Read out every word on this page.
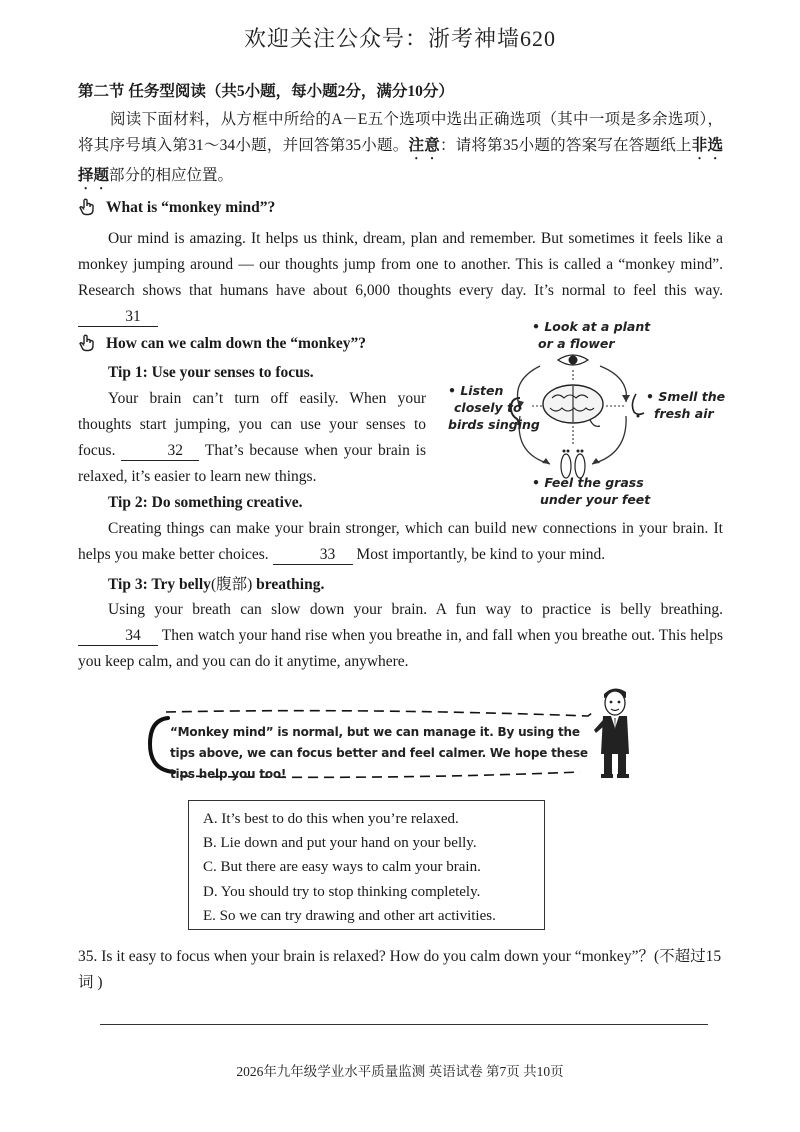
欢迎关注公众号：浙考神墙620
第二节 任务型阅读（共5小题，每小题2分，满分10分）
阅读下面材料，从方框中所给的A－E五个选项中选出正确选项（其中一项是多余选项），将其序号填入第31～34小题，并回答第35小题。注意：请将第35小题的答案写在答题纸上非选择题部分的相应位置。
What is “monkey mind”?
Our mind is amazing. It helps us think, dream, plan and remember. But sometimes it feels like a monkey jumping around — our thoughts jump from one to another. This is called a “monkey mind”. Research shows that humans have about 6,000 thoughts every day. It’s normal to feel this way. 31
How can we calm down the “monkey”?
Tip 1: Use your senses to focus.
Your brain can’t turn off easily. When your thoughts start jumping, you can use your senses to focus.	32 That’s because when your brain is relaxed, it’s easier to learn new things.
• Look at a plant
or a flower
• Listen
closely to
birds singing
• Smell the
fresh air
• Feel the grass
under your feet
Tip 2: Do something creative.
Creating things can make your brain stronger, which can build new connections in your brain. It helps you make better choices.	33 Most importantly, be kind to your mind.
Tip 3: Try belly(腹部) breathing.
Using your breath can slow down your brain. A fun way to practice is belly breathing. 34 Then watch your hand rise when you breathe in, and fall when you breathe out. This helps you keep calm, and you can do it anytime, anywhere.
“Monkey mind” is normal, but we can manage it. By using the tips above, we can focus better and feel calmer. We hope these tips help you too!
A. It’s best to do this when you’re relaxed.
B. Lie down and put your hand on your belly.
C. But there are easy ways to calm your brain.
D. You should try to stop thinking completely.
E. So we can try drawing and other art activities.
35. Is it easy to focus when your brain is relaxed? How do you calm down your “monkey”？(不超过15词 )
2026年九年级学业水平质量监测 英语试卷 第7页 共10页
